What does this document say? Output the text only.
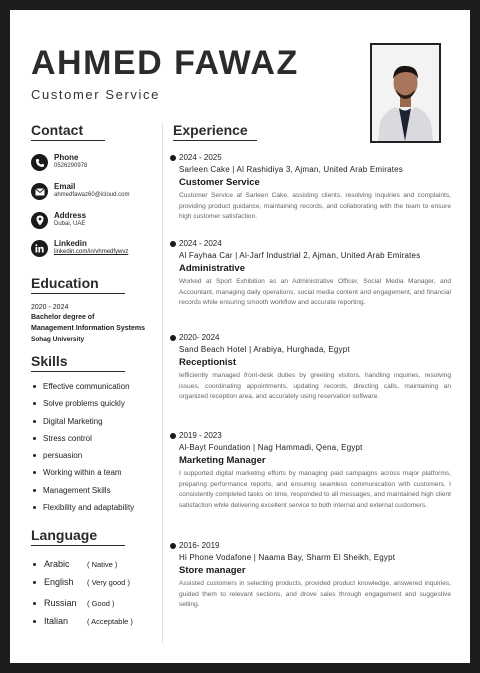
AHMED FAWAZ
Customer Service
Contact
Phone
0526290978
Email
ahmedfawaz60@icloud.com
Address
Dubai, UAE
Linkedin
linkedin.com/in/vhmedfywvz
Education
2020 - 2024
Bachelor degree of
Management Information Systems
Sohag University
Skills
Effective communication
Solve problems quickly
Digital Marketing
Stress control
persuasion
Working within a team
Management Skills
Flexibility and adaptability
Language
Arabic ( Native )
English ( Very good )
Russian ( Good )
Italian	( Acceptable )
Experience
2024 - 2025
Sarleen Cake | Al Rashidiya 3, Ajman, United Arab Emirates
Customer Service

Customer Service at Sarleen Cake, assisting clients, resolving inquiries and complaints, providing product guidance, maintaining records, and collaborating with the team to ensure high customer satisfaction.

2024 - 2024
Al Fayhaa Car | Al-Jarf Industrial 2, Ajman, United Arab Emirates
Administrative

Worked at Sport Exhibition as an Administrative Officer, Social Media Manager, and Accountant, managing daily operations, social media content and engagement, and financial records while ensuring smooth workflow and accurate reporting.

2020- 2024
Sand Beach Hotel | Arabiya, Hurghada, Egypt
Receptionist

Iefficiently managed front-desk duties by greeting visitors, handling inquiries, resolving issues, coordinating appointments, updating records, directing calls, maintaining an organized reception area, and accurately using reservation software.

2019 - 2023
Al-Bayt Foundation | Nag Hammadi, Qena, Egypt
Marketing Manager

I supported digital marketing efforts by managing paid campaigns across major platforms, preparing performance reports, and ensuring seamless communication with customers. I consistently completed tasks on time, responded to all messages, and maintained high client satisfaction while delivering excellent service to both internal and external customers.

2016- 2019
Hi Phone Vodafone | Naama Bay, Sharm El Sheikh, Egypt
Store manager

Assisted customers in selecting products, provided product knowledge, answered inquiries, guided them to relevant sections, and drove sales through engagement and suggestive selling.
